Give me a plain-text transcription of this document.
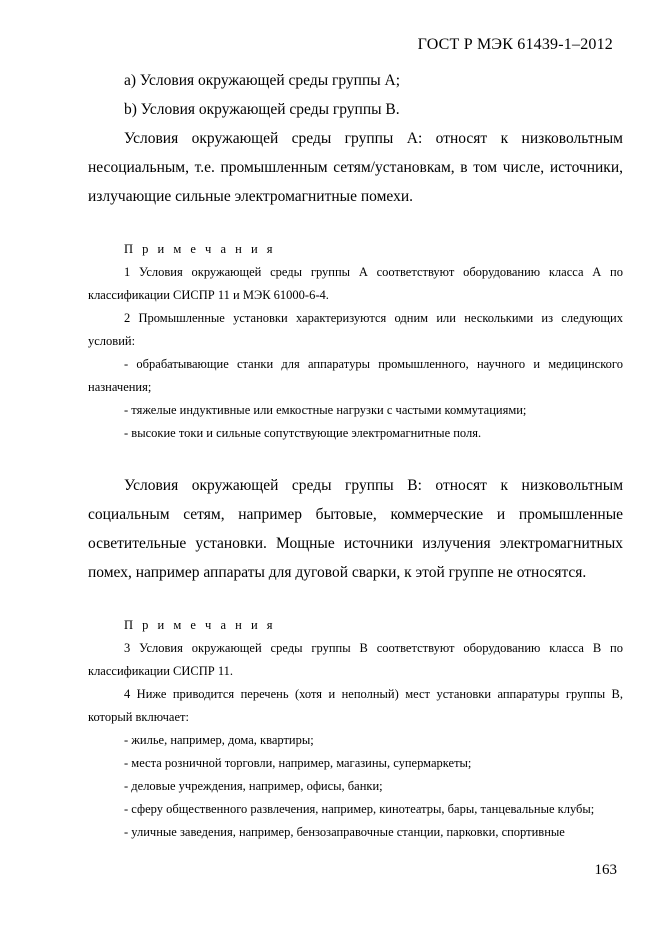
ГОСТ Р МЭК 61439-1–2012

a) Условия окружающей среды группы А;

b) Условия окружающей среды группы В.

Условия окружающей среды группы А: относят к низковольтным несоциальным, т.е. промышленным сетям/установкам, в том числе, источники, излучающие сильные электромагнитные помехи.

П р и м е ч а н и я

1 Условия окружающей среды группы А соответствуют оборудованию класса А по классификации СИСПР 11 и МЭК 61000-6-4.

2 Промышленные установки характеризуются одним или несколькими из следующих условий:

- обрабатывающие станки для аппаратуры промышленного, научного и медицинского назначения;

- тяжелые индуктивные или емкостные нагрузки с частыми коммутациями;

- высокие токи и сильные сопутствующие электромагнитные поля.

Условия окружающей среды группы В: относят к низковольтным социальным сетям, например бытовые, коммерческие и промышленные осветительные установки. Мощные источники излучения электромагнитных помех, например аппараты для дуговой сварки, к этой группе не относятся.

П р и м е ч а н и я

3 Условия окружающей среды группы В соответствуют оборудованию класса В по классификации СИСПР 11.

4 Ниже приводится перечень (хотя и неполный) мест установки аппаратуры группы В, который включает:

- жилье, например, дома, квартиры;

- места розничной торговли, например, магазины, супермаркеты;

- деловые учреждения, например, офисы, банки;

- сферу общественного развлечения, например, кинотеатры, бары, танцевальные клубы;

- уличные заведения, например, бензозаправочные станции, парковки, спортивные

163
